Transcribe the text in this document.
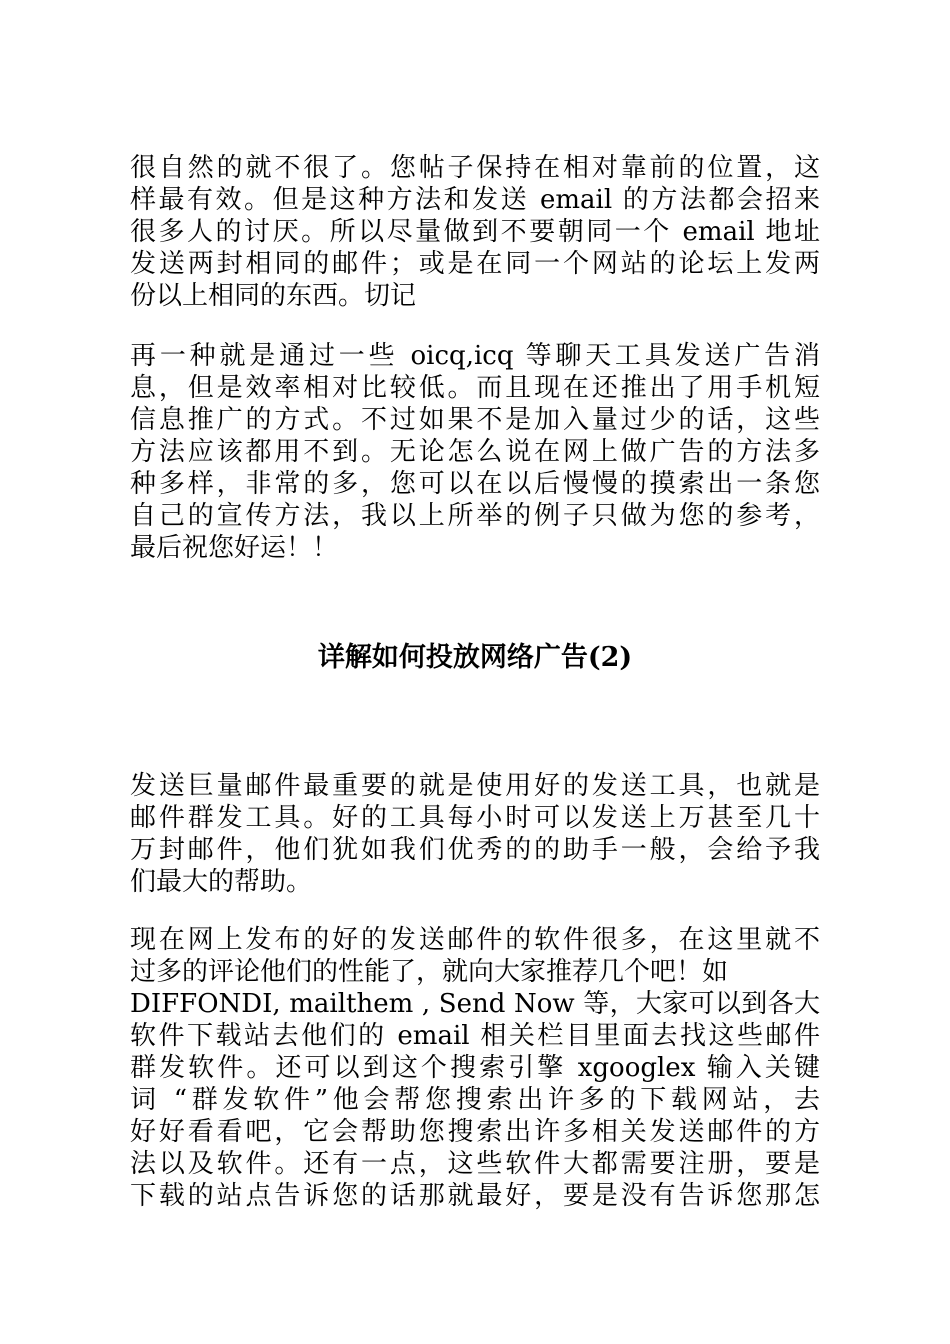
很自然的就不很了。您帖子保持在相对靠前的位置，这
样最有效。但是这种方法和发送 email 的方法都会招来
很多人的讨厌。所以尽量做到不要朝同一个 email 地址
发送两封相同的邮件；或是在同一个网站的论坛上发两
份以上相同的东西。切记
再一种就是通过一些 oicq,icq 等聊天工具发送广告消
息，但是效率相对比较低。而且现在还推出了用手机短
信息推广的方式。不过如果不是加入量过少的话，这些
方法应该都用不到。无论怎么说在网上做广告的方法多
种多样，非常的多，您可以在以后慢慢的摸索出一条您
自己的宣传方法，我以上所举的例子只做为您的参考，
最后祝您好运！！
详解如何投放网络广告(2)
发送巨量邮件最重要的就是使用好的发送工具，也就是
邮件群发工具。好的工具每小时可以发送上万甚至几十
万封邮件，他们犹如我们优秀的的助手一般，会给予我
们最大的帮助。
现在网上发布的好的发送邮件的软件很多，在这里就不
过多的评论他们的性能了，就向大家推荐几个吧！如
DIFFONDI, mailthem , Send Now 等，大家可以到各大
软件下载站去他们的 email 相关栏目里面去找这些邮件
群发软件。还可以到这个搜索引擎 xgooglex 输入关键
词 “群发软件”他会帮您搜索出许多的下载网站，去
好好看看吧，它会帮助您搜索出许多相关发送邮件的方
法以及软件。还有一点，这些软件大都需要注册，要是
下载的站点告诉您的话那就最好，要是没有告诉您那怎
